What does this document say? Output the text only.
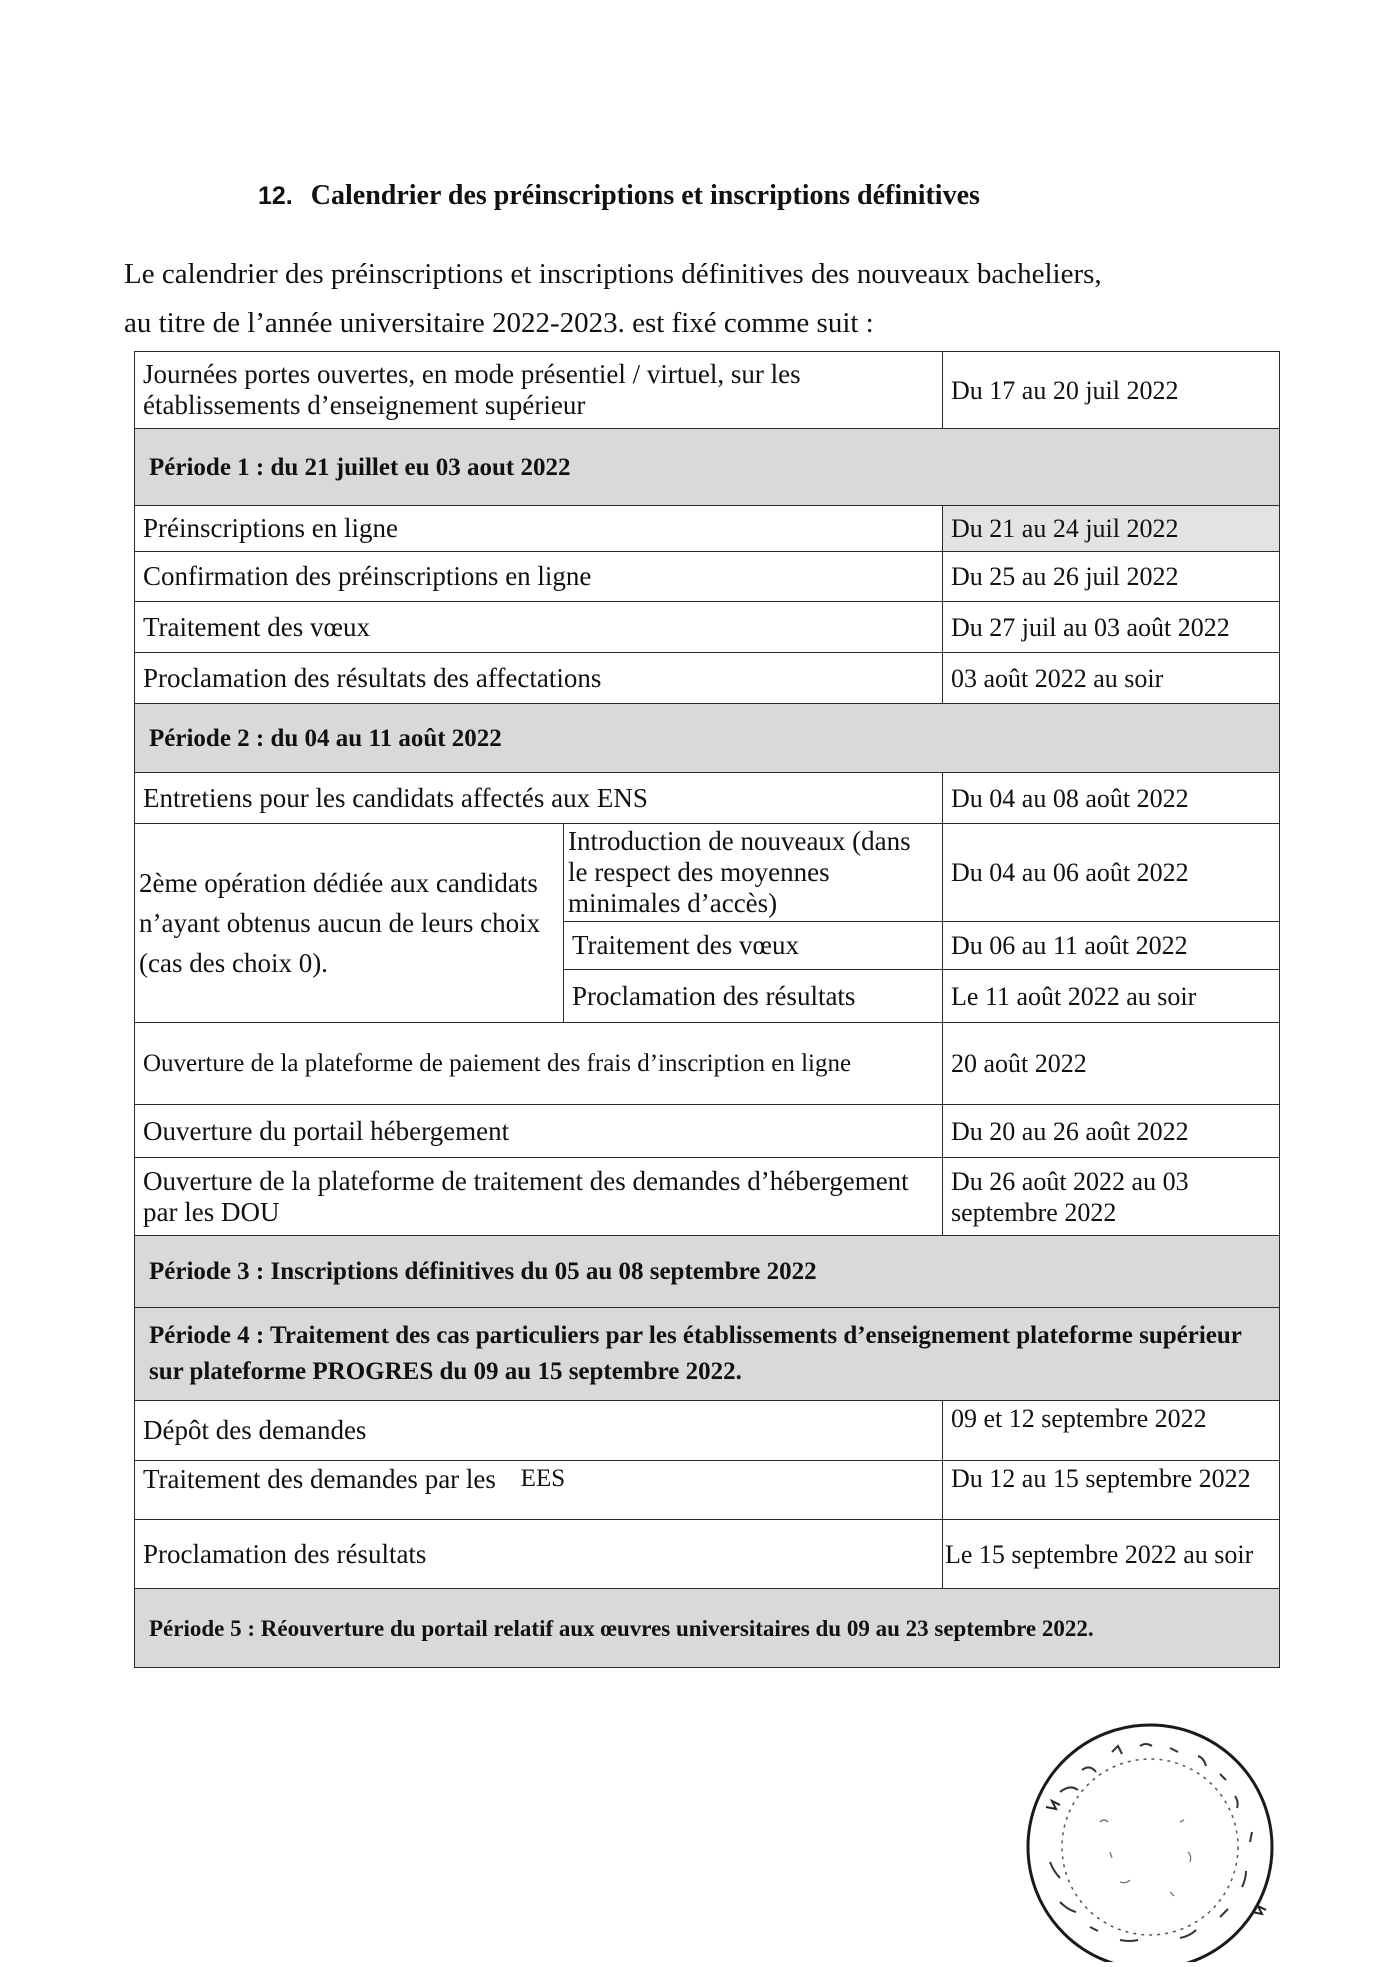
12. Calendrier des préinscriptions et inscriptions définitives

Le calendrier des préinscriptions et inscriptions définitives des nouveaux bacheliers,

au titre de l’année universitaire 2022-2023. est fixé comme suit :

Journées portes ouvertes, en mode présentiel / virtuel, sur les établissements d’enseignement supérieur		Du 17 au 20 juil 2022
Période 1 : du 21 juillet eu 03 aout 2022		
Préinscriptions en ligne		Du 21 au 24 juil 2022
Confirmation des préinscriptions en ligne		Du 25 au 26 juil 2022
Traitement des vœux		Du 27 juil au 03 août 2022
Proclamation des résultats des affectations		03 août 2022 au soir
Période 2 : du 04 au 11 août 2022		
Entretiens pour les candidats affectés aux ENS		Du 04 au 08 août 2022
2ème opération dédiée aux candidats n’ayant obtenus aucun de leurs choix (cas des choix 0).	Introduction de nouveaux (dans le respect des moyennes minimales d’accès)	Du 04 au 06 août 2022
	Traitement des vœux	Du 06 au 11 août 2022
	Proclamation des résultats	Le 11 août 2022 au soir
Ouverture de la plateforme de paiement des frais d’inscription en ligne		20 août 2022
Ouverture du portail hébergement		Du 20 au 26 août 2022
Ouverture de la plateforme de traitement des demandes d’hébergement par les DOU		Du 26 août 2022 au 03 septembre 2022
Période 3 : Inscriptions définitives du 05 au 08 septembre 2022		
Période 4 : Traitement des cas particuliers par les établissements d’enseignement plateforme supérieur sur plateforme PROGRES du 09 au 15 septembre 2022.		
Dépôt des demandes		09 et 12 septembre 2022
Traitement des demandes par les EES		Du 12 au 15 septembre 2022
Proclamation des résultats		Le 15 septembre 2022 au soir
Période 5 : Réouverture du portail relatif aux œuvres universitaires du 09 au 23 septembre 2022.		
